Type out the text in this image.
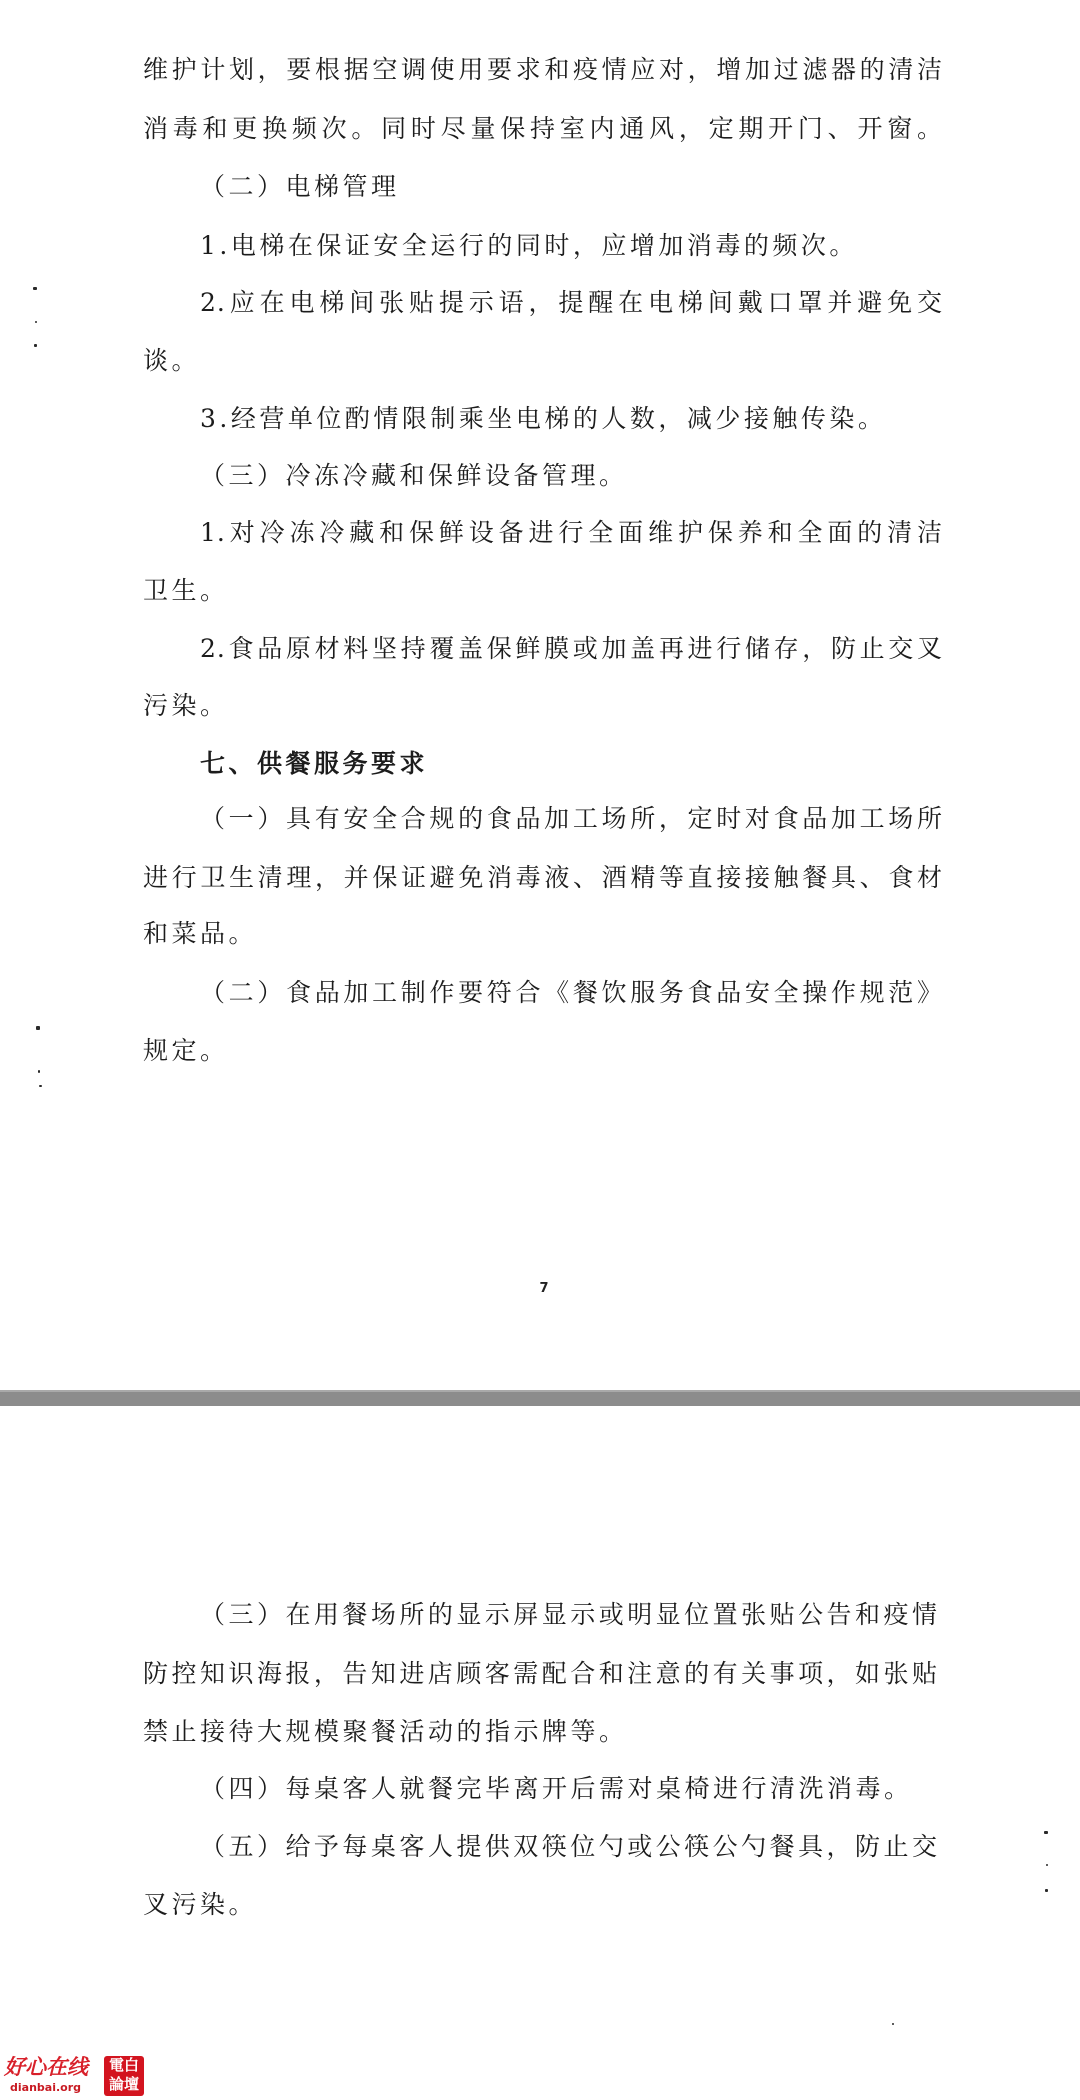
维护计划，要根据空调使用要求和疫情应对，增加过滤器的清洁
消毒和更换频次。同时尽量保持室内通风，定期开门、开窗。
（二）电梯管理
1.电梯在保证安全运行的同时，应增加消毒的频次。
2.应在电梯间张贴提示语，提醒在电梯间戴口罩并避免交
谈。
3.经营单位酌情限制乘坐电梯的人数，减少接触传染。
（三）冷冻冷藏和保鲜设备管理。
1.对冷冻冷藏和保鲜设备进行全面维护保养和全面的清洁
卫生。
2.食品原材料坚持覆盖保鲜膜或加盖再进行储存，防止交叉
污染。
七、供餐服务要求
（一）具有安全合规的食品加工场所，定时对食品加工场所
进行卫生清理，并保证避免消毒液、酒精等直接接触餐具、食材
和菜品。
（二）食品加工制作要符合《餐饮服务食品安全操作规范》
规定。
7
（三）在用餐场所的显示屏显示或明显位置张贴公告和疫情
防控知识海报，告知进店顾客需配合和注意的有关事项，如张贴
禁止接待大规模聚餐活动的指示牌等。
（四）每桌客人就餐完毕离开后需对桌椅进行清洗消毒。
（五）给予每桌客人提供双筷位勺或公筷公勺餐具，防止交
叉污染。
好心在线
dianbai.org
電白
論壇
